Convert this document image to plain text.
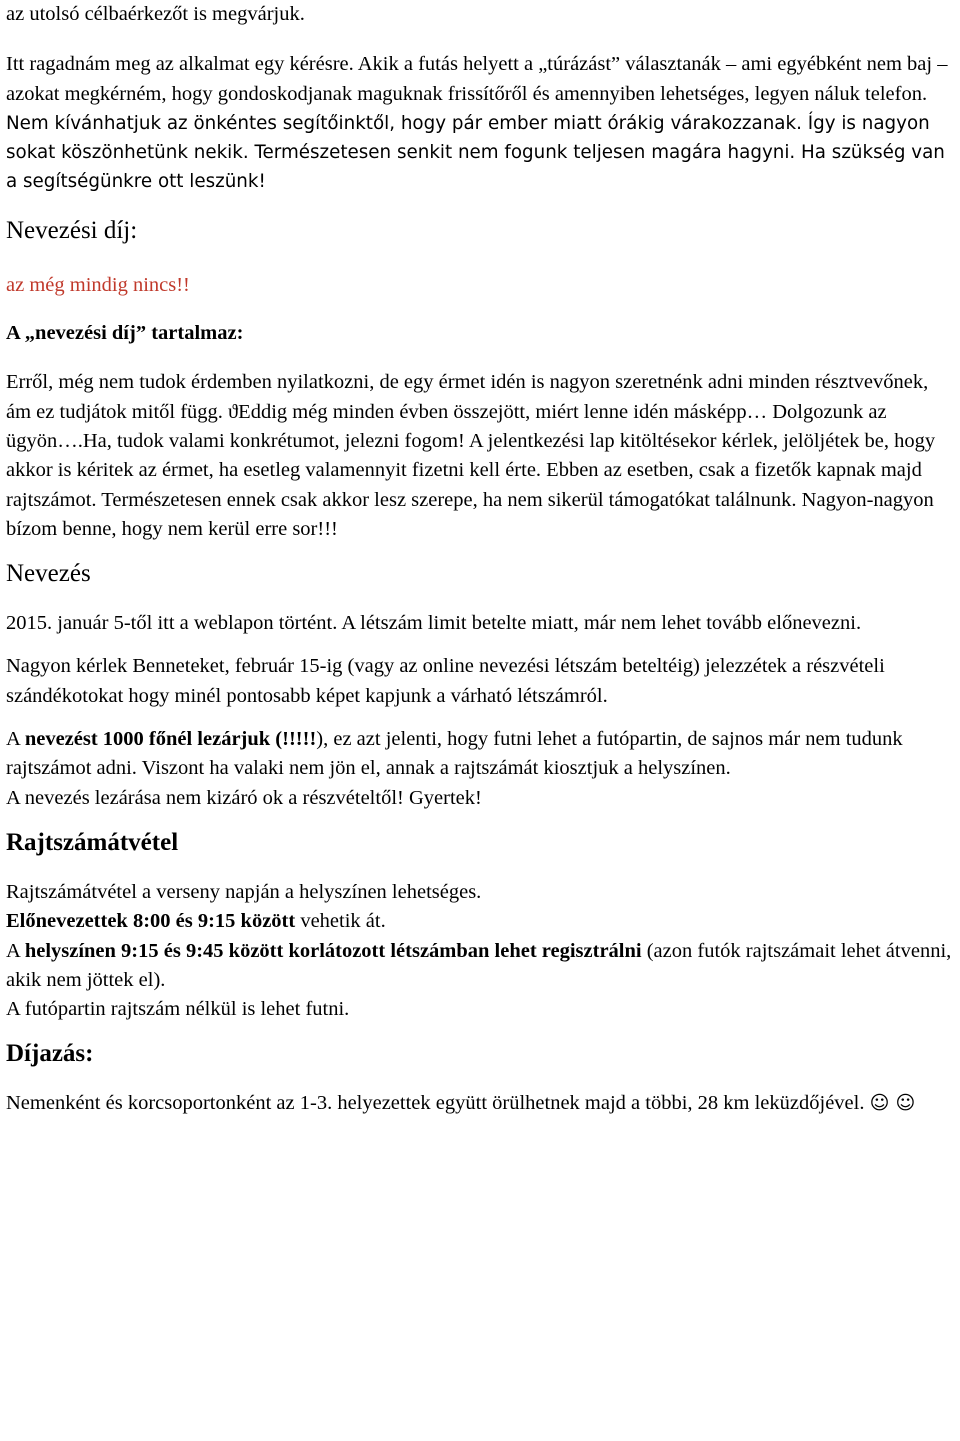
az utolsó célbaérkezőt is megvárjuk.

Itt ragadnám meg az alkalmat egy kérésre. Akik a futás helyett a „túrázást” választanák – ami egyébként nem baj – azokat megkérném, hogy gondoskodjanak maguknak frissítőről és amennyiben lehetséges, legyen náluk telefon. Nem kívánhatjuk az önkéntes segítőinktől, hogy pár ember miatt órákig várakozzanak. Így is nagyon sokat köszönhetünk nekik. Természetesen senkit nem fogunk teljesen magára hagyni. Ha szükség van a segítségünkre ott leszünk!

Nevezési díj:

az még mindig nincs!!

A „nevezési díj” tartalmaz:

Erről, még nem tudok érdemben nyilatkozni, de egy érmet idén is nagyon szeretnénk adni minden résztvevőnek, ám ez tudjátok mitől függ. ϑEddig még minden évben összejött, miért lenne idén másképp… Dolgozunk az ügyön….Ha, tudok valami konkrétumot, jelezni fogom! A jelentkezési lap kitöltésekor kérlek, jelöljétek be, hogy akkor is kéritek az érmet, ha esetleg valamennyit fizetni kell érte. Ebben az esetben, csak a fizetők kapnak majd rajtszámot. Természetesen ennek csak akkor lesz szerepe, ha nem sikerül támogatókat találnunk. Nagyon-nagyon bízom benne, hogy nem kerül erre sor!!!

Nevezés

2015. január 5-től itt a weblapon történt. A létszám limit betelte miatt, már nem lehet tovább előnevezni.

Nagyon kérlek Benneteket, február 15-ig (vagy az online nevezési létszám beteltéig) jelezzétek a részvételi szándékotokat hogy minél pontosabb képet kapjunk a várható létszámról.

A nevezést 1000 főnél lezárjuk (!!!!!), ez azt jelenti, hogy futni lehet a futópartin, de sajnos már nem tudunk rajtszámot adni. Viszont ha valaki nem jön el, annak a rajtszámát kiosztjuk a helyszínen.

A nevezés lezárása nem kizáró ok a részvételtől! Gyertek!

Rajtszámátvétel

Rajtszámátvétel a verseny napján a helyszínen lehetséges.

Előnevezettek 8:00 és 9:15 között vehetik át.

A helyszínen 9:15 és 9:45 között korlátozott létszámban lehet regisztrálni (azon futók rajtszámait lehet átvenni, akik nem jöttek el).

A futópartin rajtszám nélkül is lehet futni.

Díjazás:

Nemenként és korcsoportonként az 1-3. helyezettek együtt örülhetnek majd a többi, 28 km leküzdőjével. ☺ ☺
